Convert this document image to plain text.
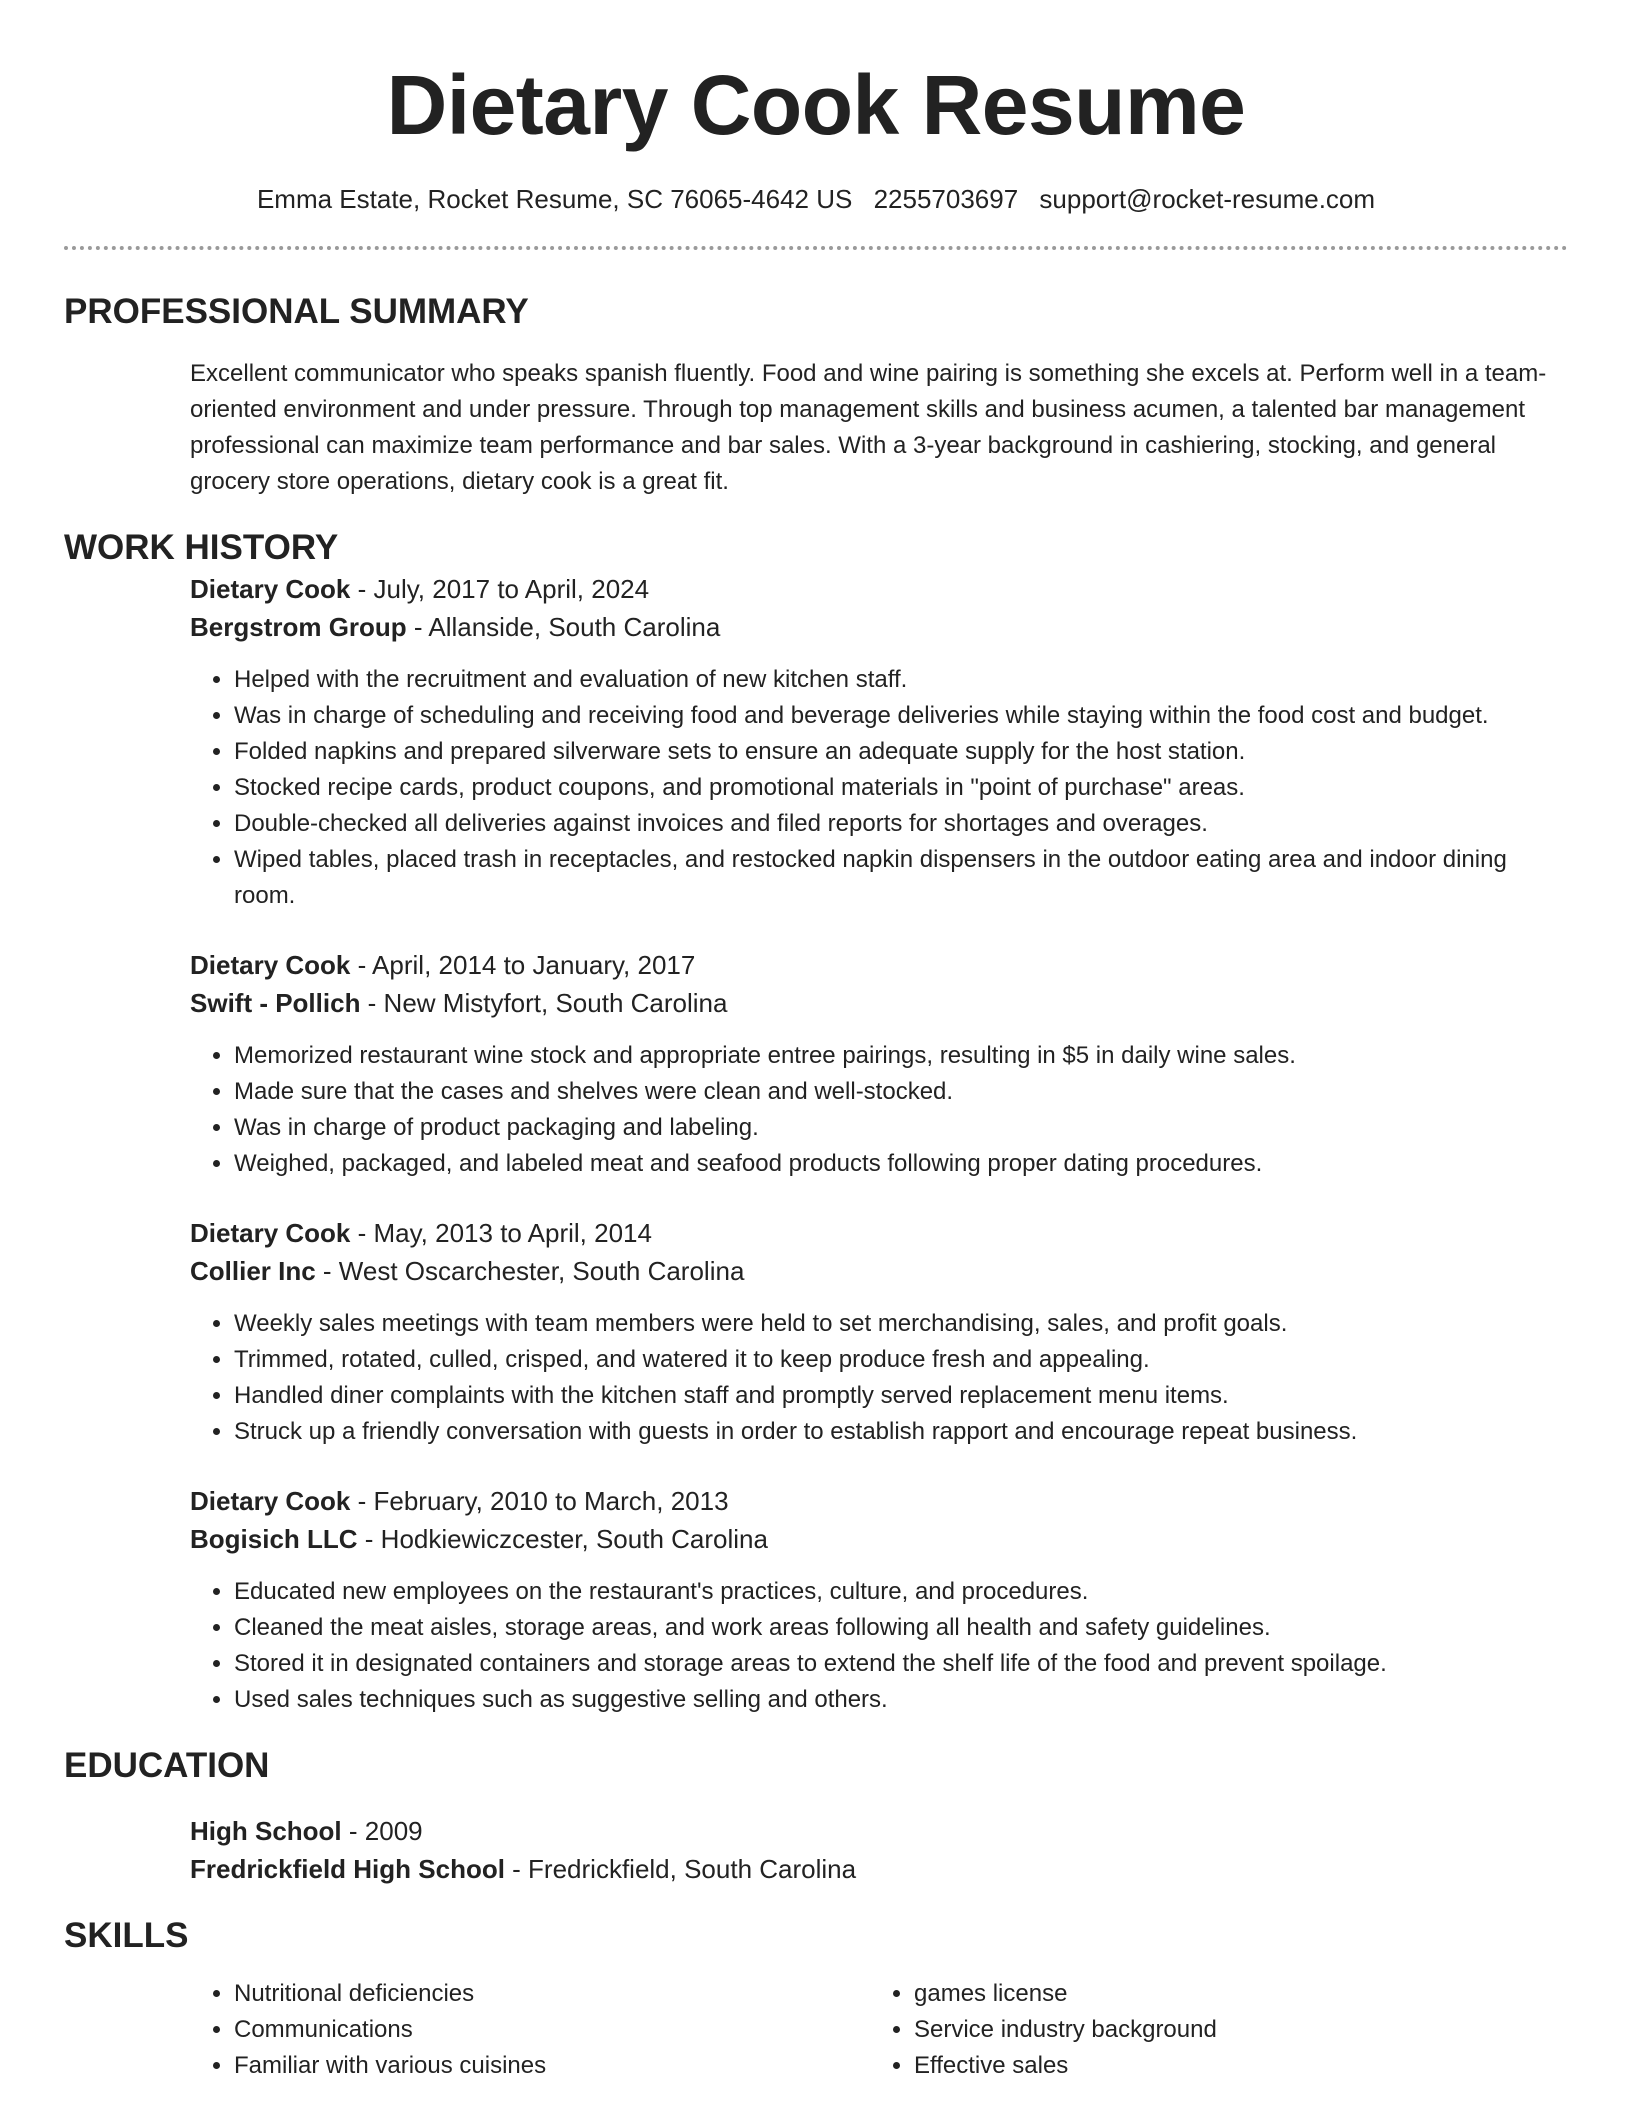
Dietary Cook Resume
Emma Estate, Rocket Resume, SC 76065-4642 US 2255703697 support@rocket-resume.com
PROFESSIONAL SUMMARY
Excellent communicator who speaks spanish fluently. Food and wine pairing is something she excels at. Perform well in a team-oriented environment and under pressure. Through top management skills and business acumen, a talented bar management professional can maximize team performance and bar sales. With a 3-year background in cashiering, stocking, and general grocery store operations, dietary cook is a great fit.
WORK HISTORY
Dietary Cook - July, 2017 to April, 2024
Bergstrom Group - Allanside, South Carolina
• Helped with the recruitment and evaluation of new kitchen staff.
• Was in charge of scheduling and receiving food and beverage deliveries while staying within the food cost and budget.
• Folded napkins and prepared silverware sets to ensure an adequate supply for the host station.
• Stocked recipe cards, product coupons, and promotional materials in "point of purchase" areas.
• Double-checked all deliveries against invoices and filed reports for shortages and overages.
• Wiped tables, placed trash in receptacles, and restocked napkin dispensers in the outdoor eating area and indoor dining room.
Dietary Cook - April, 2014 to January, 2017
Swift - Pollich - New Mistyfort, South Carolina
• Memorized restaurant wine stock and appropriate entree pairings, resulting in $5 in daily wine sales.
• Made sure that the cases and shelves were clean and well-stocked.
• Was in charge of product packaging and labeling.
• Weighed, packaged, and labeled meat and seafood products following proper dating procedures.
Dietary Cook - May, 2013 to April, 2014
Collier Inc - West Oscarchester, South Carolina
• Weekly sales meetings with team members were held to set merchandising, sales, and profit goals.
• Trimmed, rotated, culled, crisped, and watered it to keep produce fresh and appealing.
• Handled diner complaints with the kitchen staff and promptly served replacement menu items.
• Struck up a friendly conversation with guests in order to establish rapport and encourage repeat business.
Dietary Cook - February, 2010 to March, 2013
Bogisich LLC - Hodkiewiczcester, South Carolina
• Educated new employees on the restaurant's practices, culture, and procedures.
• Cleaned the meat aisles, storage areas, and work areas following all health and safety guidelines.
• Stored it in designated containers and storage areas to extend the shelf life of the food and prevent spoilage.
• Used sales techniques such as suggestive selling and others.
EDUCATION
High School - 2009
Fredrickfield High School - Fredrickfield, South Carolina
SKILLS
• Nutritional deficiencies
• Communications
• Familiar with various cuisines
• games license
• Service industry background
• Effective sales
